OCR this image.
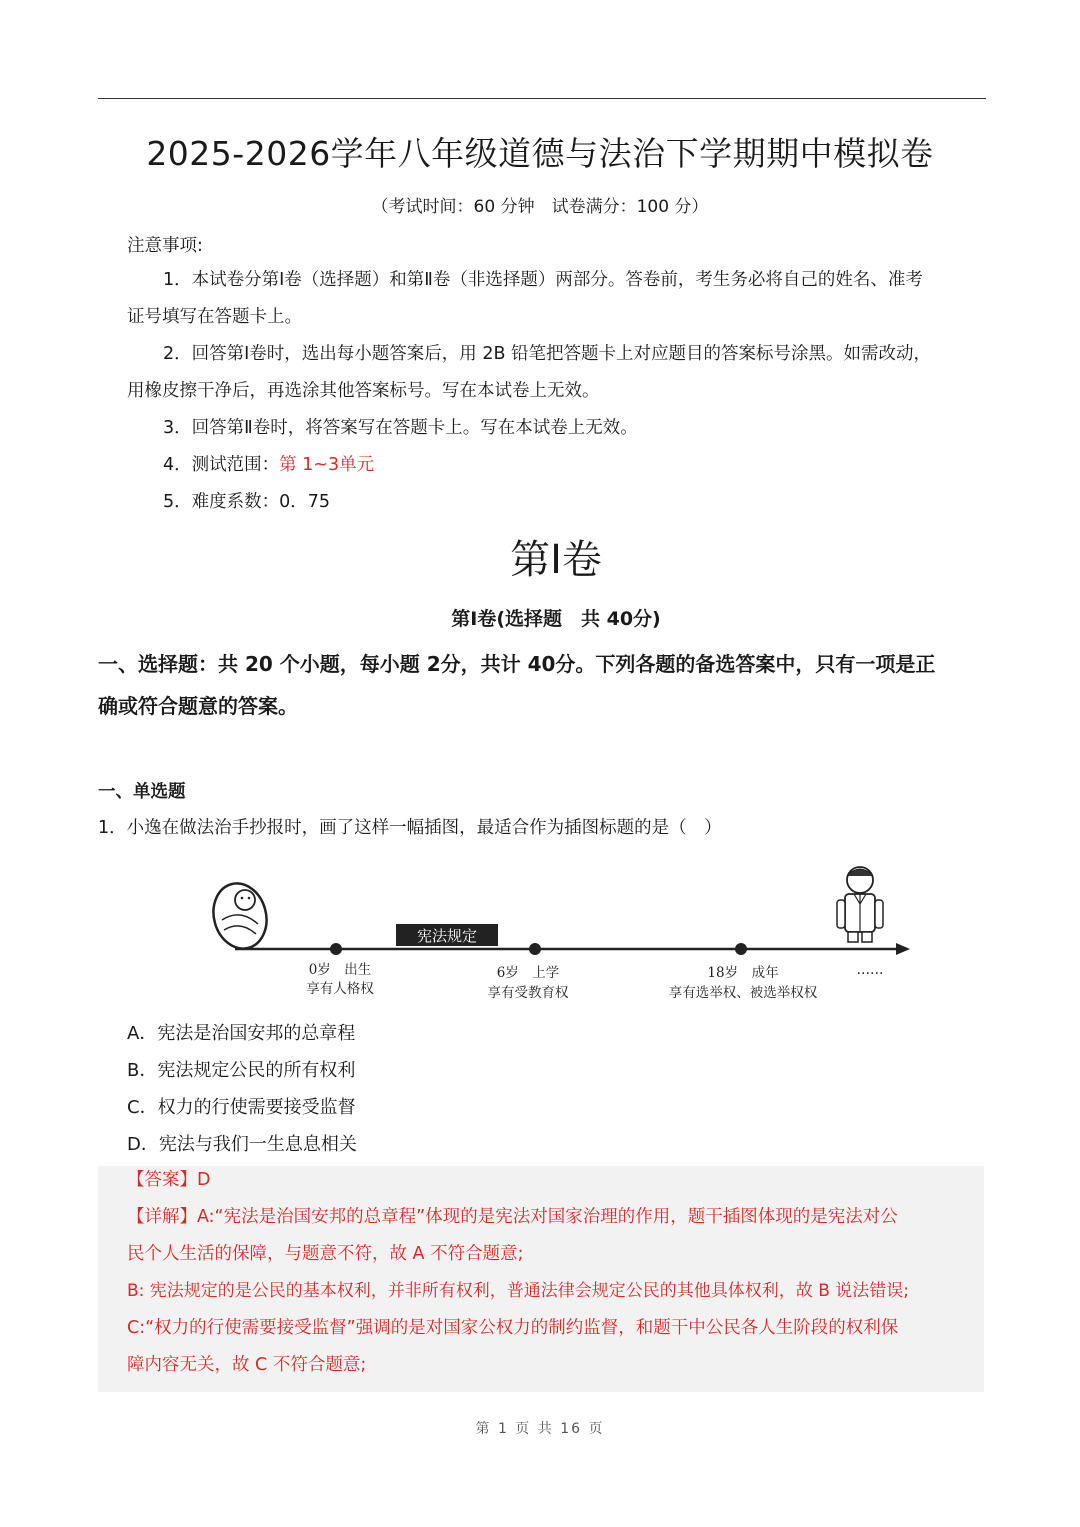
2025-2026学年八年级道德与法治下学期期中模拟卷
（考试时间：60 分钟　试卷满分：100 分）
注意事项:
1．本试卷分第Ⅰ卷（选择题）和第Ⅱ卷（非选择题）两部分。答卷前，考生务必将自己的姓名、准考
证号填写在答题卡上。
2．回答第Ⅰ卷时，选出每小题答案后，用 2B 铅笔把答题卡上对应题目的答案标号涂黑。如需改动，
用橡皮擦干净后，再选涂其他答案标号。写在本试卷上无效。
3．回答第Ⅱ卷时，将答案写在答题卡上。写在本试卷上无效。
4．测试范围：第 1~3单元
5．难度系数：0．75
第Ⅰ卷
第Ⅰ卷(选择题　共 40分)
一、选择题：共 20 个小题，每小题 2分，共计 40分。下列各题的备选答案中，只有一项是正
确或符合题意的答案。
一、单选题
1．小逸在做法治手抄报时，画了这样一幅插图，最适合作为插图标题的是（　）
宪法规定
0岁　出生
享有人格权
6岁　上学
享有受教育权
18岁　成年
享有选举权、被选举权权
……
A．宪法是治国安邦的总章程
B．宪法规定公民的所有权利
C．权力的行使需要接受监督
D．宪法与我们一生息息相关
【答案】D
【详解】A:“宪法是治国安邦的总章程”体现的是宪法对国家治理的作用，题干插图体现的是宪法对公
民个人生活的保障，与题意不符，故 A 不符合题意;
B: 宪法规定的是公民的基本权利，并非所有权利，普通法律会规定公民的其他具体权利，故 B 说法错误;
C:“权力的行使需要接受监督”强调的是对国家公权力的制约监督，和题干中公民各人生阶段的权利保
障内容无关，故 C 不符合题意;
第 1 页 共 16 页
